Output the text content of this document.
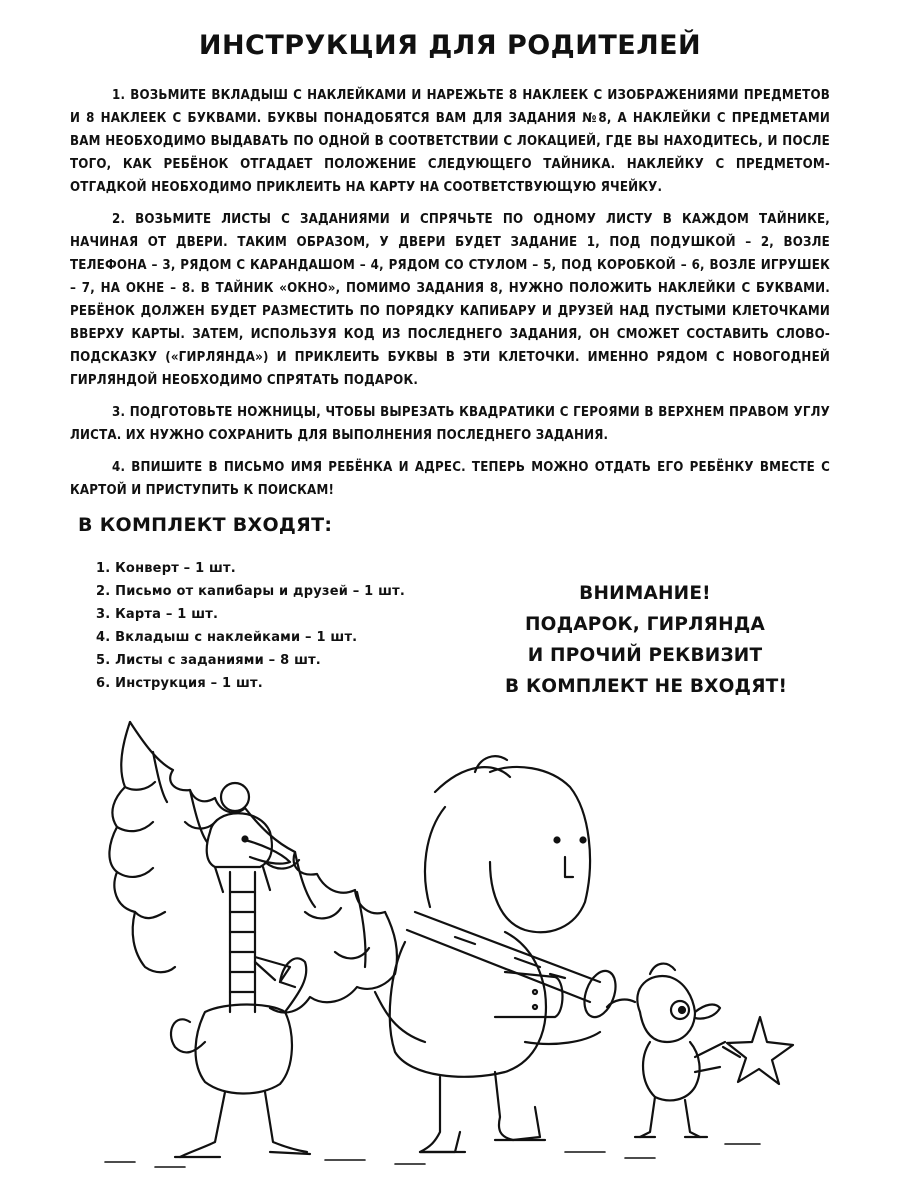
ИНСТРУКЦИЯ ДЛЯ РОДИТЕЛЕЙ

1. ВОЗЬМИТЕ ВКЛАДЫШ С НАКЛЕЙКАМИ И НАРЕЖЬТЕ 8 НАКЛЕЕК С ИЗОБРАЖЕНИЯМИ ПРЕДМЕТОВ И 8 НАКЛЕЕК С БУКВАМИ. БУКВЫ ПОНАДОБЯТСЯ ВАМ ДЛЯ ЗАДАНИЯ №8, А НАКЛЕЙКИ С ПРЕДМЕТАМИ ВАМ НЕОБХОДИМО ВЫДАВАТЬ ПО ОДНОЙ В СООТВЕТСТВИИ С ЛОКАЦИЕЙ, ГДЕ ВЫ НАХОДИТЕСЬ, И ПОСЛЕ ТОГО, КАК РЕБЁНОК ОТГАДАЕТ ПОЛОЖЕНИЕ СЛЕДУЮЩЕГО ТАЙНИКА. НАКЛЕЙКУ С ПРЕДМЕТОМ-ОТГАДКОЙ НЕОБХОДИМО ПРИКЛЕИТЬ НА КАРТУ НА СООТВЕТСТВУЮЩУЮ ЯЧЕЙКУ.

2. ВОЗЬМИТЕ ЛИСТЫ С ЗАДАНИЯМИ И СПРЯЧЬТЕ ПО ОДНОМУ ЛИСТУ В КАЖДОМ ТАЙНИКЕ, НАЧИНАЯ ОТ ДВЕРИ. ТАКИМ ОБРАЗОМ, У ДВЕРИ БУДЕТ ЗАДАНИЕ 1, ПОД ПОДУШКОЙ – 2, ВОЗЛЕ ТЕЛЕФОНА – 3, РЯДОМ С КАРАНДАШОМ – 4, РЯДОМ СО СТУЛОМ – 5, ПОД КОРОБКОЙ – 6, ВОЗЛЕ ИГРУШЕК – 7, НА ОКНЕ – 8. В ТАЙНИК «ОКНО», ПОМИМО ЗАДАНИЯ 8, НУЖНО ПОЛОЖИТЬ НАКЛЕЙКИ С БУКВАМИ. РЕБЁНОК ДОЛЖЕН БУДЕТ РАЗМЕСТИТЬ ПО ПОРЯДКУ КАПИБАРУ И ДРУЗЕЙ НАД ПУСТЫМИ КЛЕТОЧКАМИ ВВЕРХУ КАРТЫ. ЗАТЕМ, ИСПОЛЬЗУЯ КОД ИЗ ПОСЛЕДНЕГО ЗАДАНИЯ, ОН СМОЖЕТ СОСТАВИТЬ СЛОВО-ПОДСКАЗКУ («ГИРЛЯНДА») И ПРИКЛЕИТЬ БУКВЫ В ЭТИ КЛЕТОЧКИ. ИМЕННО РЯДОМ С НОВОГОДНЕЙ ГИРЛЯНДОЙ НЕОБХОДИМО СПРЯТАТЬ ПОДАРОК.

3. ПОДГОТОВЬТЕ НОЖНИЦЫ, ЧТОБЫ ВЫРЕЗАТЬ КВАДРАТИКИ С ГЕРОЯМИ В ВЕРХНЕМ ПРАВОМ УГЛУ ЛИСТА. ИХ НУЖНО СОХРАНИТЬ ДЛЯ ВЫПОЛНЕНИЯ ПОСЛЕДНЕГО ЗАДАНИЯ.

4. ВПИШИТЕ В ПИСЬМО ИМЯ РЕБЁНКА И АДРЕС. ТЕПЕРЬ МОЖНО ОТДАТЬ ЕГО РЕБЁНКУ ВМЕСТЕ С КАРТОЙ И ПРИСТУПИТЬ К ПОИСКАМ!

В КОМПЛЕКТ ВХОДЯТ:
1. Конверт – 1 шт.
2. Письмо от капибары и друзей – 1 шт.
3. Карта – 1 шт.
4. Вкладыш с наклейками – 1 шт.
5. Листы с заданиями – 8 шт.
6. Инструкция – 1 шт.
ВНИМАНИЕ!
ПОДАРОК, ГИРЛЯНДА
И ПРОЧИЙ РЕКВИЗИТ
В КОМПЛЕКТ НЕ ВХОДЯТ!
